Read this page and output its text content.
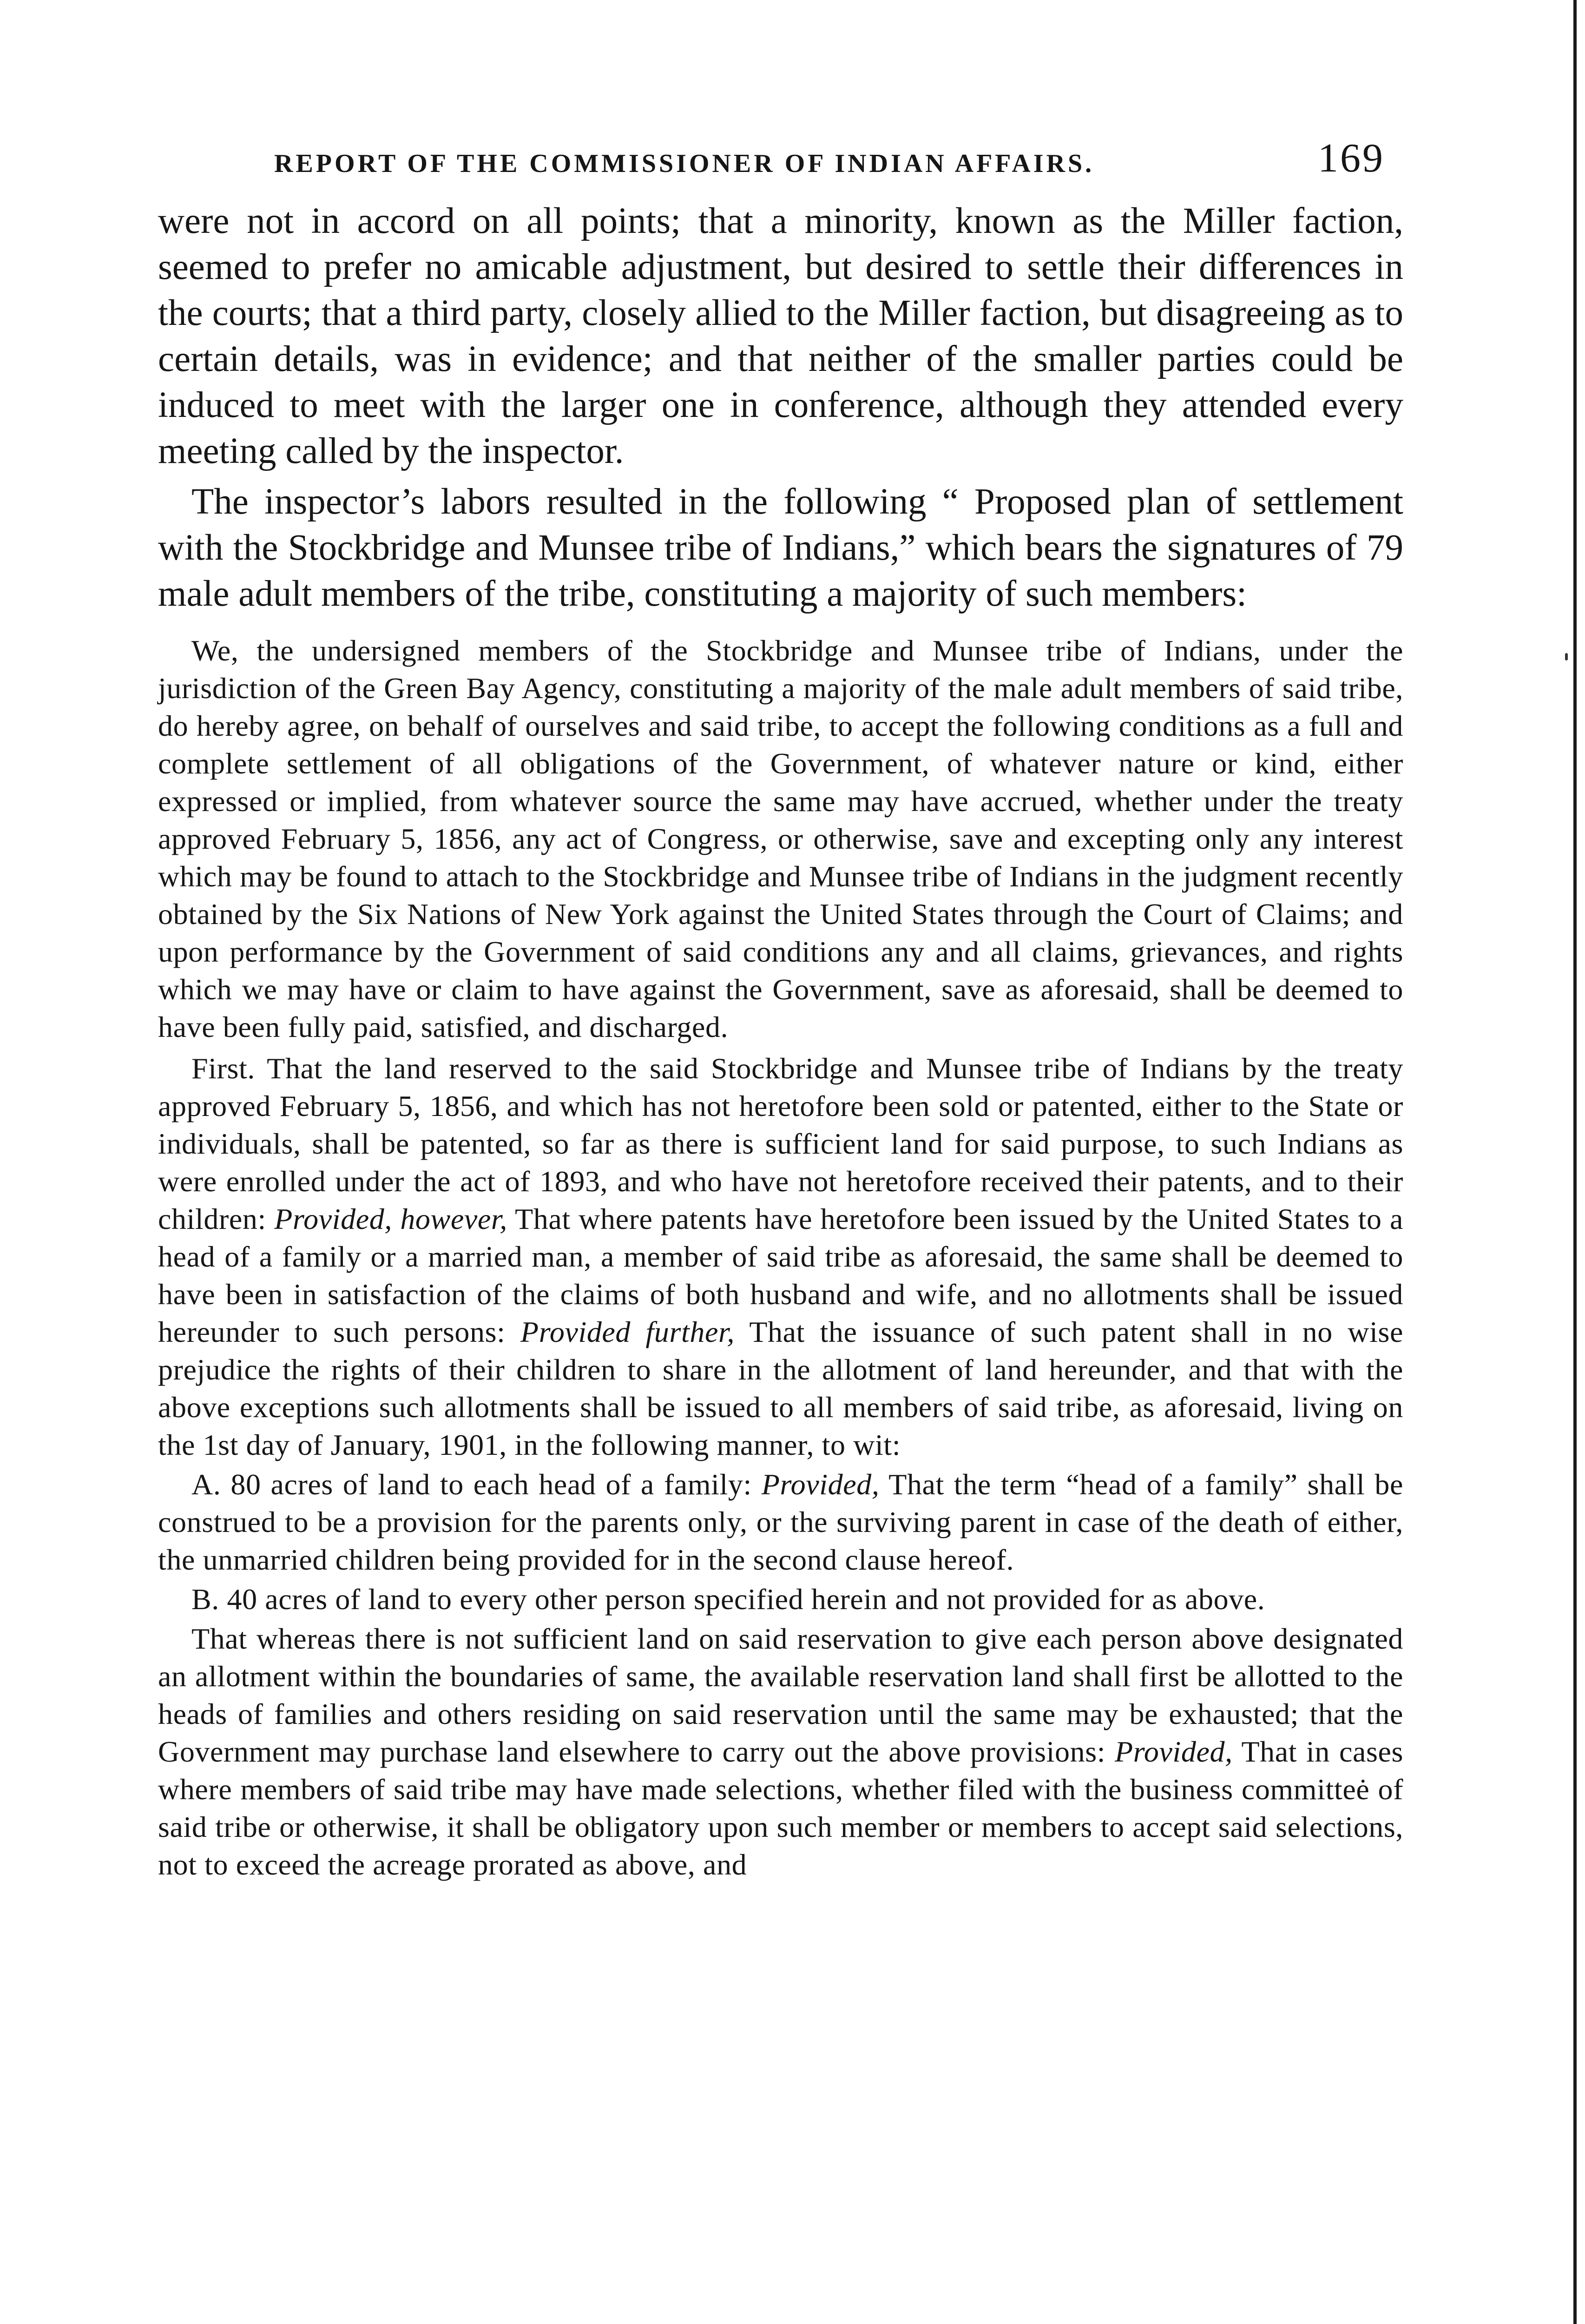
REPORT OF THE COMMISSIONER OF INDIAN AFFAIRS.	169

were not in accord on all points; that a minority, known as the Miller faction, seemed to prefer no amicable adjustment, but desired to settle their differences in the courts; that a third party, closely allied to the Miller faction, but disagreeing as to certain details, was in evidence; and that neither of the smaller parties could be induced to meet with the larger one in conference, although they attended every meeting called by the inspector.

The inspector’s labors resulted in the following “ Proposed plan of settlement with the Stockbridge and Munsee tribe of Indians,” which bears the signatures of 79 male adult members of the tribe, constituting a majority of such members:

We, the undersigned members of the Stockbridge and Munsee tribe of Indians, under the jurisdiction of the Green Bay Agency, constituting a majority of the male adult members of said tribe, do hereby agree, on behalf of ourselves and said tribe, to accept the following conditions as a full and complete settlement of all obligations of the Government, of whatever nature or kind, either expressed or implied, from whatever source the same may have accrued, whether under the treaty approved February 5, 1856, any act of Congress, or otherwise, save and excepting only any interest which may be found to attach to the Stockbridge and Munsee tribe of Indians in the judgment recently obtained by the Six Nations of New York against the United States through the Court of Claims; and upon performance by the Government of said conditions any and all claims, grievances, and rights which we may have or claim to have against the Government, save as aforesaid, shall be deemed to have been fully paid, satisfied, and discharged.

First. That the land reserved to the said Stockbridge and Munsee tribe of Indians by the treaty approved February 5, 1856, and which has not heretofore been sold or patented, either to the State or individuals, shall be patented, so far as there is sufficient land for said purpose, to such Indians as were enrolled under the act of 1893, and who have not heretofore received their patents, and to their children: Provided, however, That where patents have heretofore been issued by the United States to a head of a family or a married man, a member of said tribe as aforesaid, the same shall be deemed to have been in satisfaction of the claims of both husband and wife, and no allotments shall be issued hereunder to such persons: Provided further, That the issuance of such patent shall in no wise prejudice the rights of their children to share in the allotment of land hereunder, and that with the above exceptions such allotments shall be issued to all members of said tribe, as aforesaid, living on the 1st day of January, 1901, in the following manner, to wit:

A. 80 acres of land to each head of a family: Provided, That the term “head of a family” shall be construed to be a provision for the parents only, or the surviving parent in case of the death of either, the unmarried children being provided for in the second clause hereof.

B. 40 acres of land to every other person specified herein and not provided for as above.

That whereas there is not sufficient land on said reservation to give each person above designated an allotment within the boundaries of same, the available reservation land shall first be allotted to the heads of families and others residing on said reservation until the same may be exhausted; that the Government may purchase land elsewhere to carry out the above provisions: Provided, That in cases where members of said tribe may have made selections, whether filed with the business committeė of said tribe or otherwise, it shall be obligatory upon such member or members to accept said selections, not to exceed the acreage prorated as above, and
